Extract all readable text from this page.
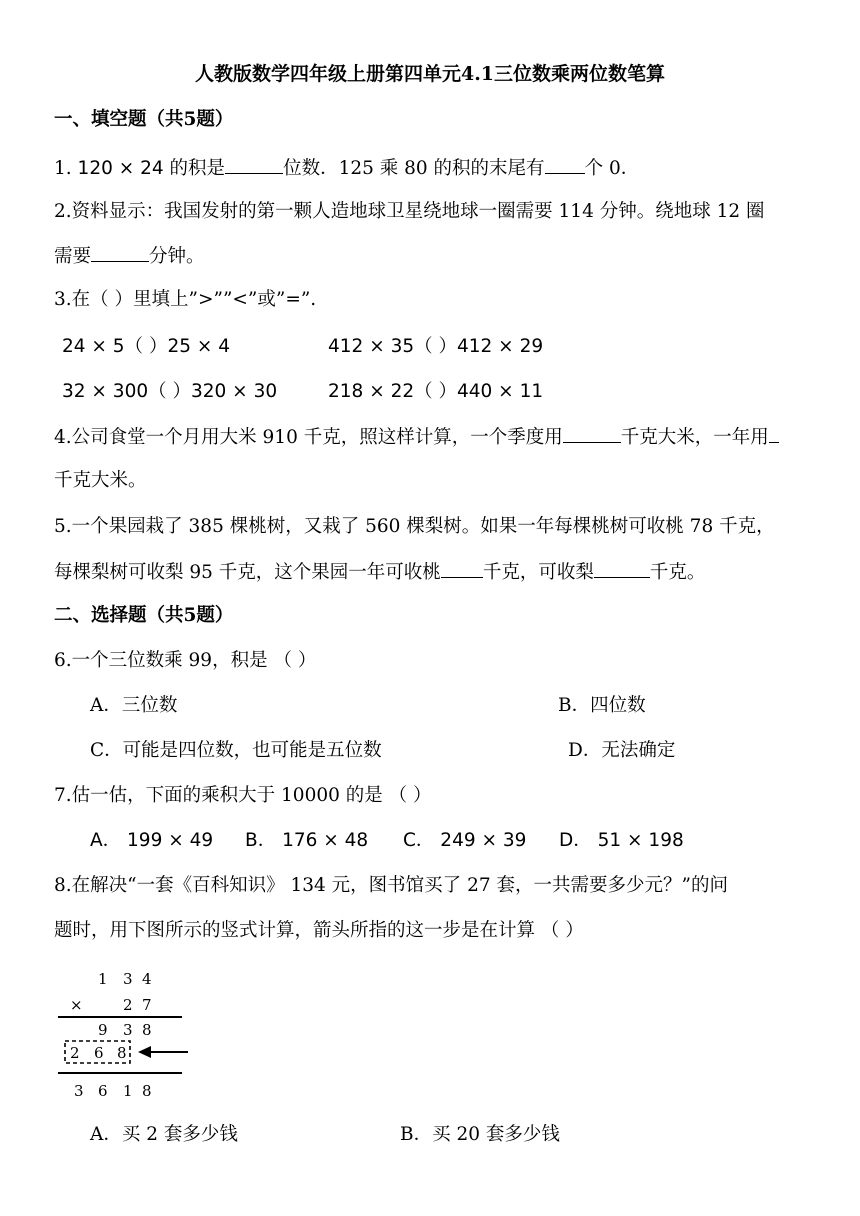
人教版数学四年级上册第四单元4.1三位数乘两位数笔算
一、填空题（共5题）
1. 120 × 24 的积是	位数．125 乘 80 的积的末尾有 个 0．
2.资料显示：我国发射的第一颗人造地球卫星绕地球一圈需要 114 分钟。绕地球 12 圈
需要	分钟。
3.在（ ）里填上”>””<”或”=”.
24 × 5（ ）25 × 4	412 × 35（ ）412 × 29
32 × 300（ ）320 × 30	218 × 22（ ）440 × 11
4.公司食堂一个月用大米 910 千克，照这样计算，一个季度用	千克大米，一年用
千克大米。
5.一个果园栽了 385 棵桃树，又栽了 560 棵梨树。如果一年每棵桃树可收桃 78 千克，
每棵梨树可收梨 95 千克，这个果园一年可收桃 千克，可收梨	千克。
二、选择题（共5题）
6.一个三位数乘 99，积是 （ ）
A．三位数	B．四位数
C．可能是四位数，也可能是五位数	D．无法确定
7.估一估，下面的乘积大于 10000 的是 （ ）
A． 199 × 49 B． 176 × 48 C． 249 × 39 D． 51 × 198
8.在解决“一套《百科知识》 134 元，图书馆买了 27 套，一共需要多少元？”的问
题时，用下图所示的竖式计算，箭头所指的这一步是在计算 （ ）
1 3 4
×	2 7
9 3 8
2 6 8
3 6 1 8
A．买 2 套多少钱	B．买 20 套多少钱
